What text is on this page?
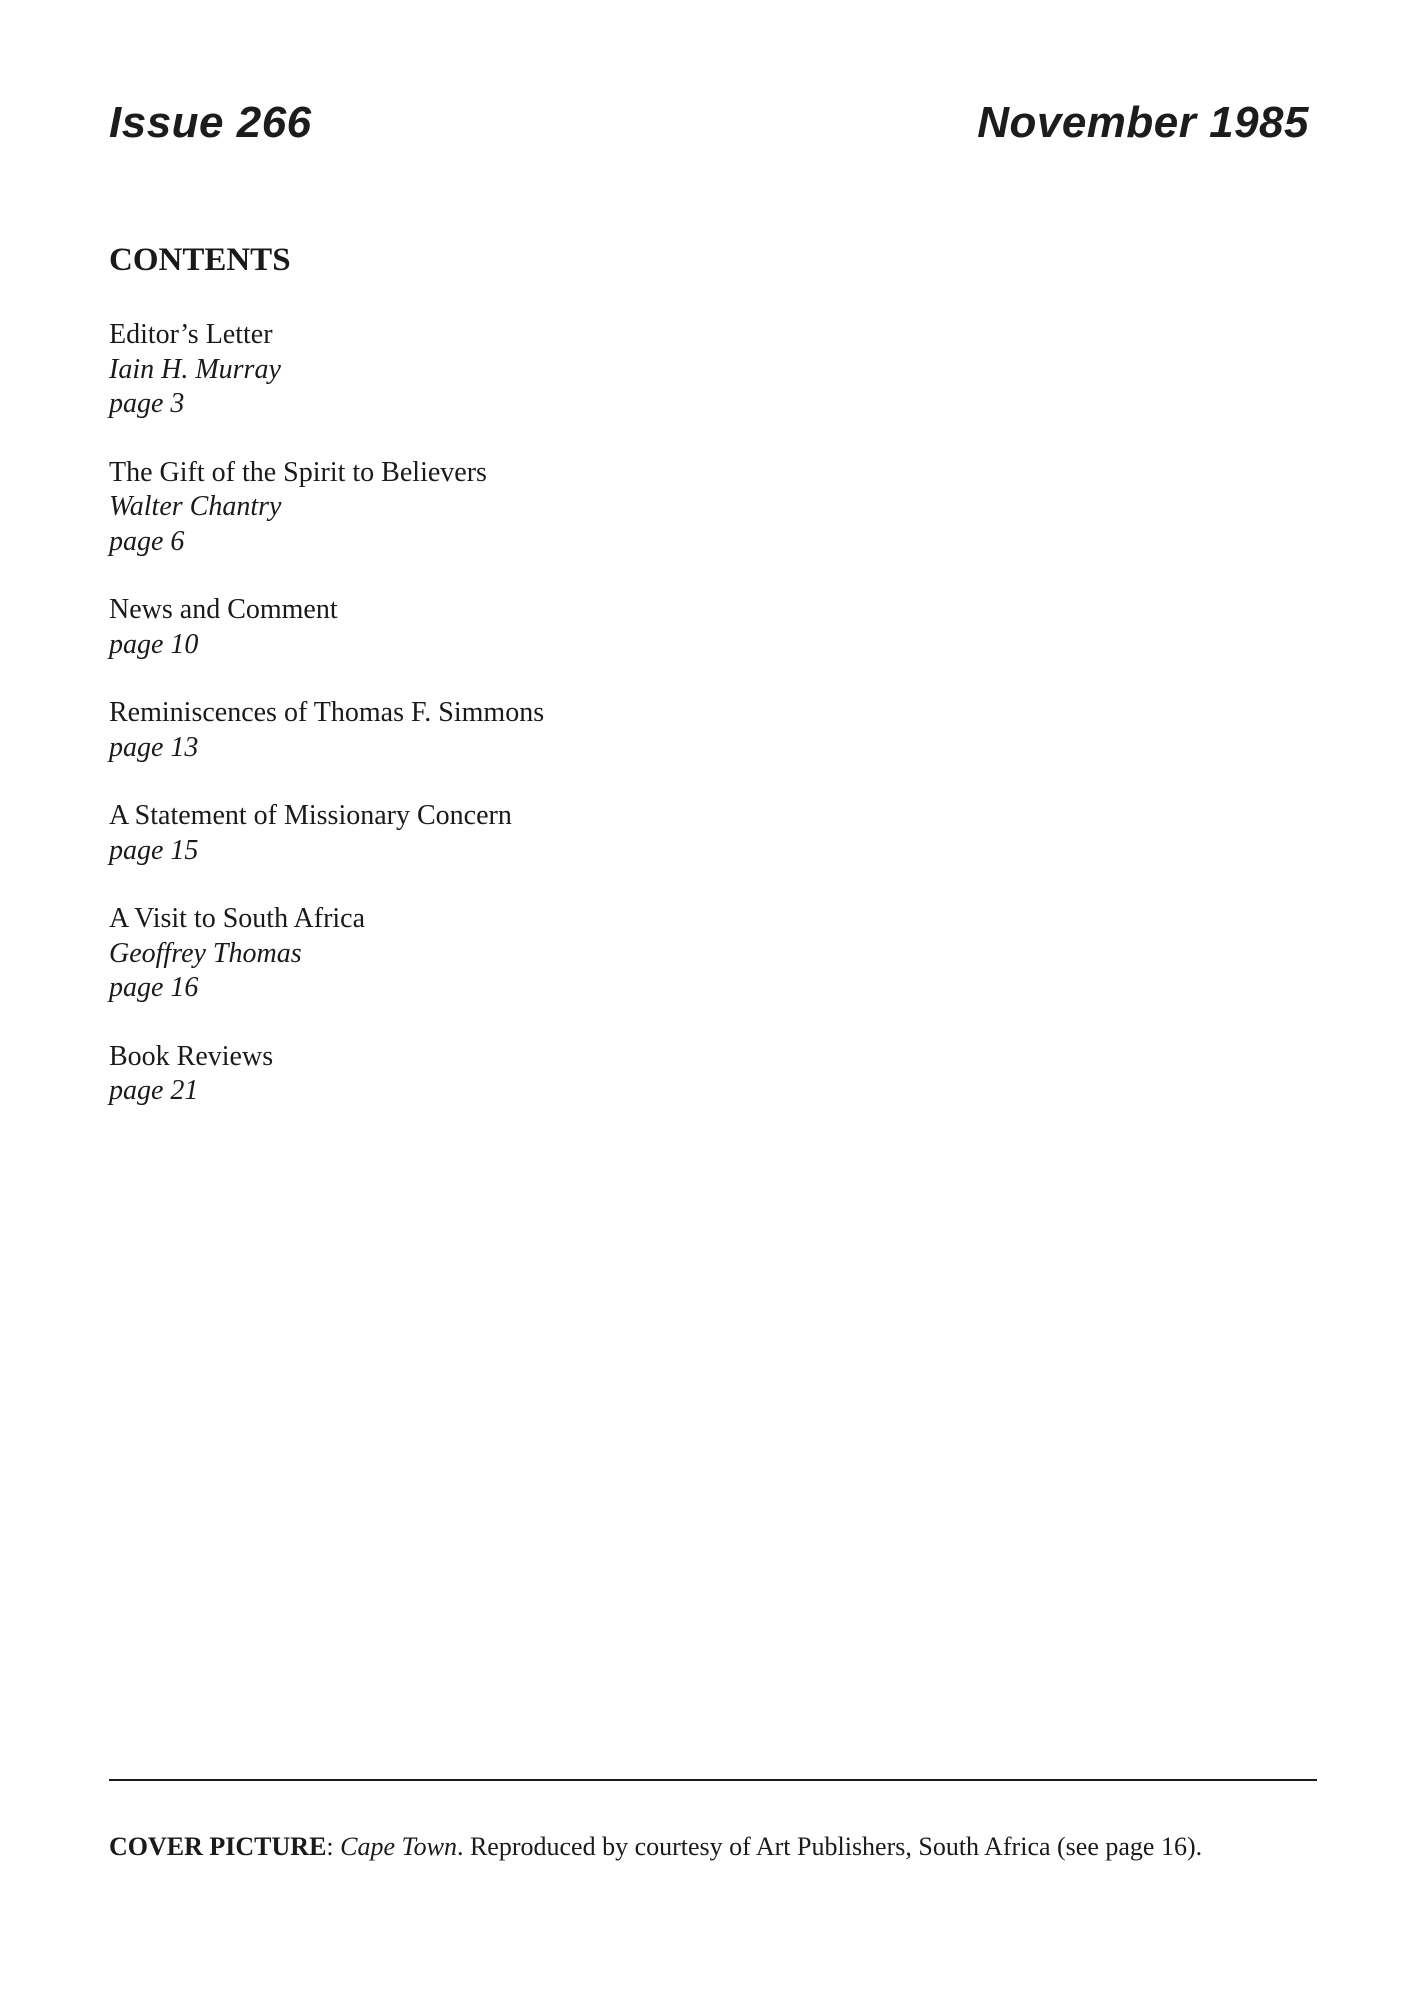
Issue 266	November 1985
CONTENTS
Editor’s Letter
Iain H. Murray
page 3
The Gift of the Spirit to Believers
Walter Chantry
page 6
News and Comment
page 10
Reminiscences of Thomas F. Simmons
page 13
A Statement of Missionary Concern
page 15
A Visit to South Africa
Geoffrey Thomas
page 16
Book Reviews
page 21
COVER PICTURE: Cape Town. Reproduced by courtesy of Art Publishers, South Africa (see page 16).
